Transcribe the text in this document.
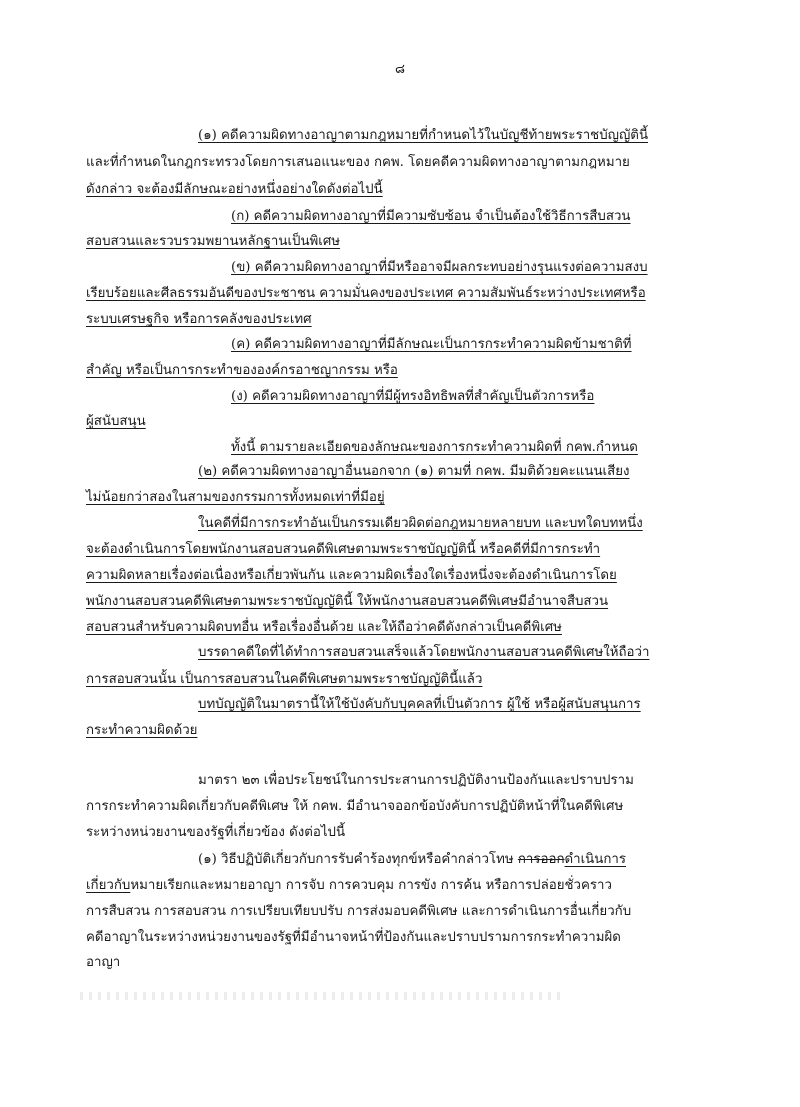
๘
(๑) คดีความผิดทางอาญาตามกฎหมายที่กำหนดไว้ในบัญชีท้ายพระราชบัญญัตินี้
และที่กำหนดในกฎกระทรวงโดยการเสนอแนะของ กคพ. โดยคดีความผิดทางอาญาตามกฎหมาย
ดังกล่าว จะต้องมีลักษณะอย่างหนึ่งอย่างใดดังต่อไปนี้
(ก) คดีความผิดทางอาญาที่มีความซับซ้อน จำเป็นต้องใช้วิธีการสืบสวน
สอบสวนและรวบรวมพยานหลักฐานเป็นพิเศษ
(ข) คดีความผิดทางอาญาที่มีหรืออาจมีผลกระทบอย่างรุนแรงต่อความสงบ
เรียบร้อยและศีลธรรมอันดีของประชาชน ความมั่นคงของประเทศ ความสัมพันธ์ระหว่างประเทศหรือ
ระบบเศรษฐกิจ หรือการคลังของประเทศ
(ค) คดีความผิดทางอาญาที่มีลักษณะเป็นการกระทำความผิดข้ามชาติที่
สำคัญ หรือเป็นการกระทำขององค์กรอาชญากรรม หรือ
(ง) คดีความผิดทางอาญาที่มีผู้ทรงอิทธิพลที่สำคัญเป็นตัวการหรือ
ผู้สนับสนุน
ทั้งนี้ ตามรายละเอียดของลักษณะของการกระทำความผิดที่ กคพ.กำหนด
(๒) คดีความผิดทางอาญาอื่นนอกจาก (๑) ตามที่ กคพ. มีมติด้วยคะแนนเสียง
ไม่น้อยกว่าสองในสามของกรรมการทั้งหมดเท่าที่มีอยู่
ในคดีที่มีการกระทำอันเป็นกรรมเดียวผิดต่อกฎหมายหลายบท และบทใดบทหนึ่ง
จะต้องดำเนินการโดยพนักงานสอบสวนคดีพิเศษตามพระราชบัญญัตินี้ หรือคดีที่มีการกระทำ
ความผิดหลายเรื่องต่อเนื่องหรือเกี่ยวพันกัน และความผิดเรื่องใดเรื่องหนึ่งจะต้องดำเนินการโดย
พนักงานสอบสวนคดีพิเศษตามพระราชบัญญัตินี้ ให้พนักงานสอบสวนคดีพิเศษมีอำนาจสืบสวน
สอบสวนสำหรับความผิดบทอื่น หรือเรื่องอื่นด้วย และให้ถือว่าคดีดังกล่าวเป็นคดีพิเศษ
บรรดาคดีใดที่ได้ทำการสอบสวนเสร็จแล้วโดยพนักงานสอบสวนคดีพิเศษให้ถือว่า
การสอบสวนนั้น เป็นการสอบสวนในคดีพิเศษตามพระราชบัญญัตินี้แล้ว
บทบัญญัติในมาตรานี้ให้ใช้บังคับกับบุคคลที่เป็นตัวการ ผู้ใช้ หรือผู้สนับสนุนการ
กระทำความผิดด้วย
มาตรา ๒๓ เพื่อประโยชน์ในการประสานการปฏิบัติงานป้องกันและปราบปราม
การกระทำความผิดเกี่ยวกับคดีพิเศษ ให้ กคพ. มีอำนาจออกข้อบังคับการปฏิบัติหน้าที่ในคดีพิเศษ
ระหว่างหน่วยงานของรัฐที่เกี่ยวข้อง ดังต่อไปนี้
(๑) วิธีปฏิบัติเกี่ยวกับการรับคำร้องทุกข์หรือคำกล่าวโทษ การออกดำเนินการ
เกี่ยวกับหมายเรียกและหมายอาญา การจับ การควบคุม การขัง การค้น หรือการปล่อยชั่วคราว
การสืบสวน การสอบสวน การเปรียบเทียบปรับ การส่งมอบคดีพิเศษ และการดำเนินการอื่นเกี่ยวกับ
คดีอาญาในระหว่างหน่วยงานของรัฐที่มีอำนาจหน้าที่ป้องกันและปราบปรามการกระทำความผิด
อาญา
